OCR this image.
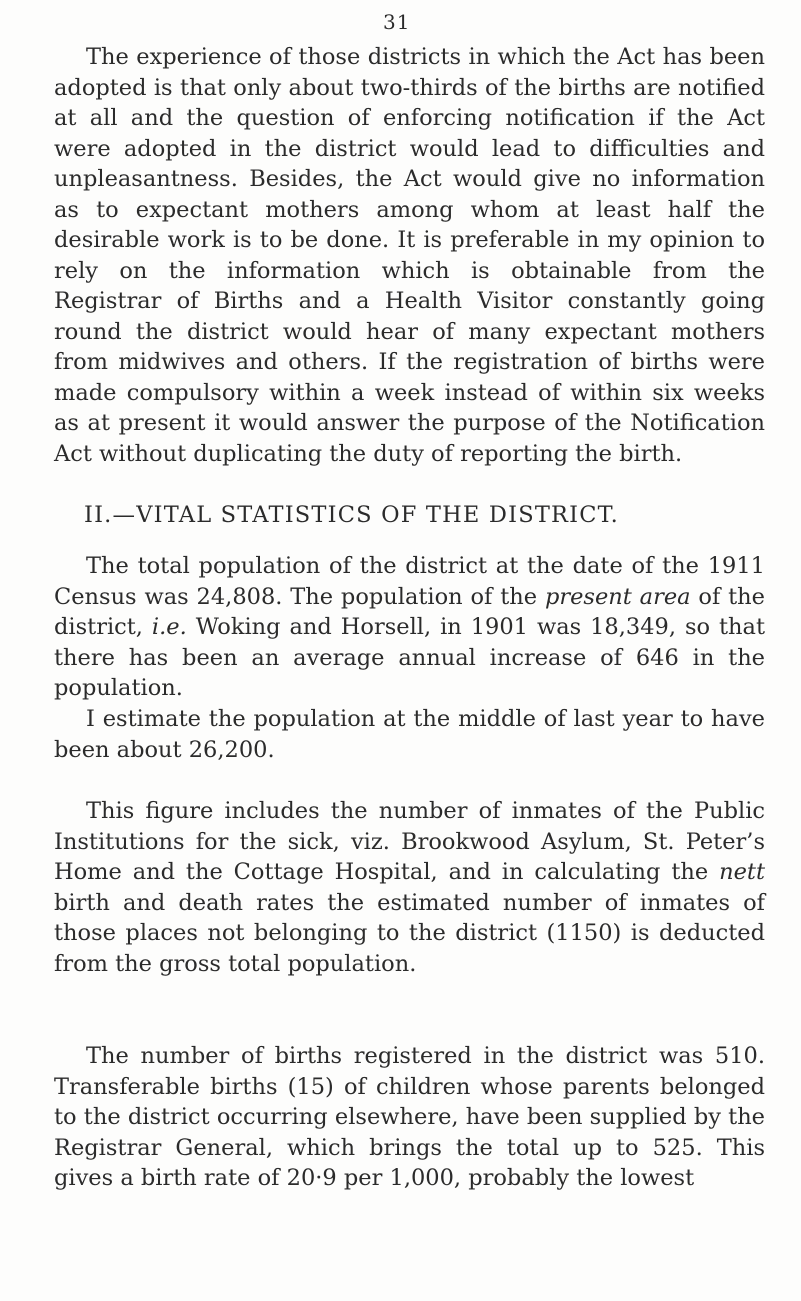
31

The experience of those districts in which the Act has been adopted is that only about two-thirds of the births are notified at all and the question of enforcing notification if the Act were adopted in the district would lead to difficulties and unpleasantness. Besides, the Act would give no information as to expectant mothers among whom at least half the desirable work is to be done. It is preferable in my opinion to rely on the information which is obtainable from the Registrar of Births and a Health Visitor constantly going round the district would hear of many expectant mothers from midwives and others. If the registration of births were made compulsory within a week instead of within six weeks as at present it would answer the purpose of the Notification Act without duplicating the duty of reporting the birth.

II.—VITAL STATISTICS OF THE DISTRICT.

The total population of the district at the date of the 1911 Census was 24,808. The population of the present area of the district, i.e. Woking and Horsell, in 1901 was 18,349, so that there has been an average annual increase of 646 in the population.

I estimate the population at the middle of last year to have been about 26,200.

This figure includes the number of inmates of the Public Institutions for the sick, viz. Brookwood Asylum, St. Peter’s Home and the Cottage Hospital, and in calculating the nett birth and death rates the estimated number of inmates of those places not belonging to the district (1150) is deducted from the gross total population.

The number of births registered in the district was 510. Transferable births (15) of children whose parents belonged to the district occurring elsewhere, have been supplied by the Registrar General, which brings the total up to 525. This gives a birth rate of 20·9 per 1,000, probably the lowest
